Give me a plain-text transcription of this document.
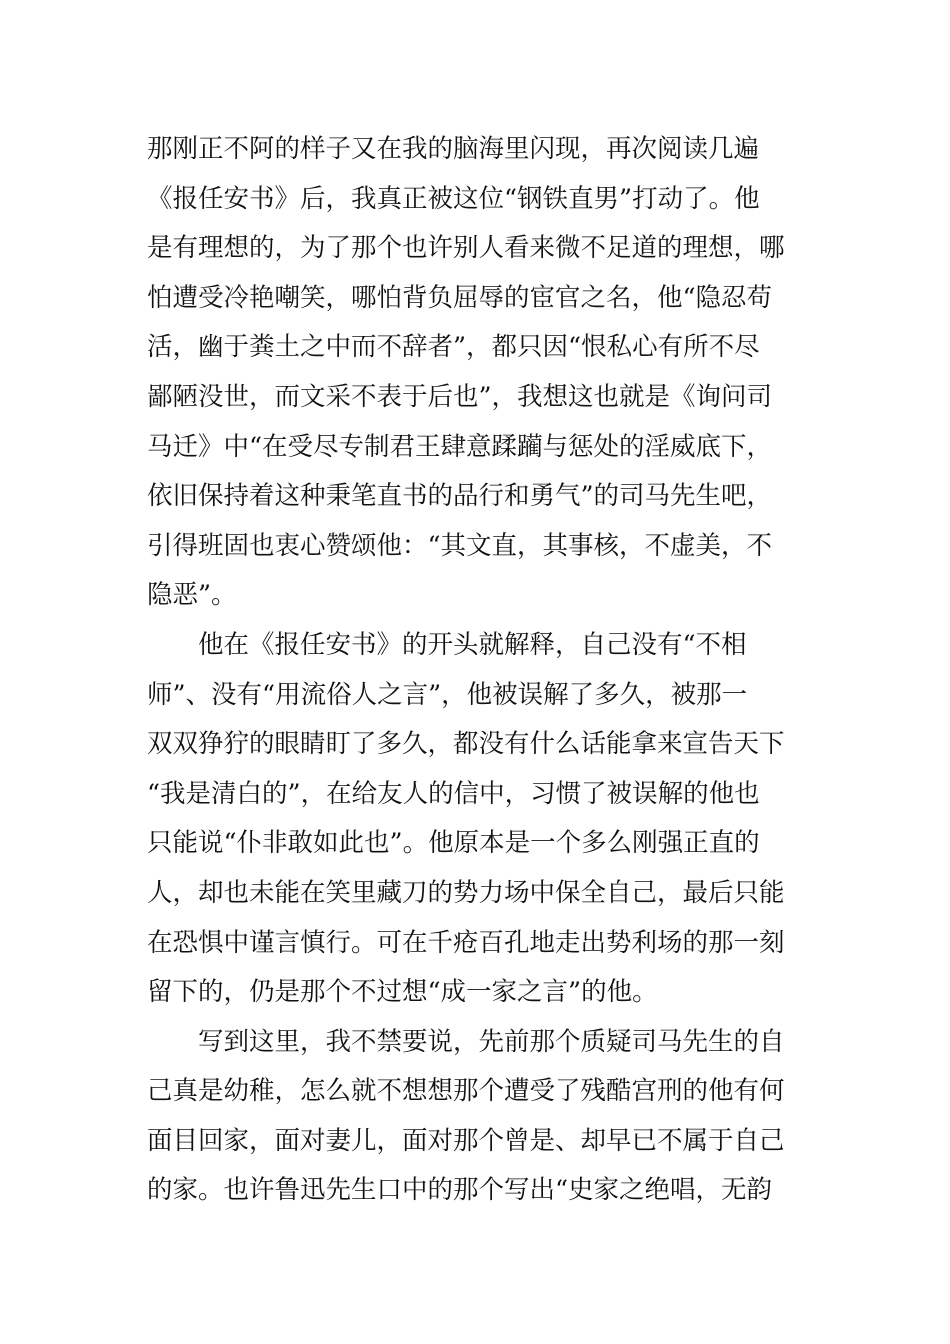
那刚正不阿的样子又在我的脑海里闪现，再次阅读几遍
《报任安书》后，我真正被这位“钢铁直男”打动了。他
是有理想的，为了那个也许别人看来微不足道的理想，哪
怕遭受冷艳嘲笑，哪怕背负屈辱的宦官之名，他“隐忍苟
活，幽于粪土之中而不辞者”，都只因“恨私心有所不尽
鄙陋没世，而文采不表于后也”，我想这也就是《询问司
马迁》中“在受尽专制君王肆意蹂躏与惩处的淫威底下，
依旧保持着这种秉笔直书的品行和勇气”的司马先生吧，
引得班固也衷心赞颂他：“其文直，其事核，不虚美，不
隐恶”。
他在《报任安书》的开头就解释，自己没有“不相
师”、没有“用流俗人之言”，他被误解了多久，被那一
双双狰狞的眼睛盯了多久，都没有什么话能拿来宣告天下
“我是清白的”，在给友人的信中，习惯了被误解的他也
只能说“仆非敢如此也”。他原本是一个多么刚强正直的
人，却也未能在笑里藏刀的势力场中保全自己，最后只能
在恐惧中谨言慎行。可在千疮百孔地走出势利场的那一刻
留下的，仍是那个不过想“成一家之言”的他。
写到这里，我不禁要说，先前那个质疑司马先生的自
己真是幼稚，怎么就不想想那个遭受了残酷宫刑的他有何
面目回家，面对妻儿，面对那个曾是、却早已不属于自己
的家。也许鲁迅先生口中的那个写出“史家之绝唱，无韵
